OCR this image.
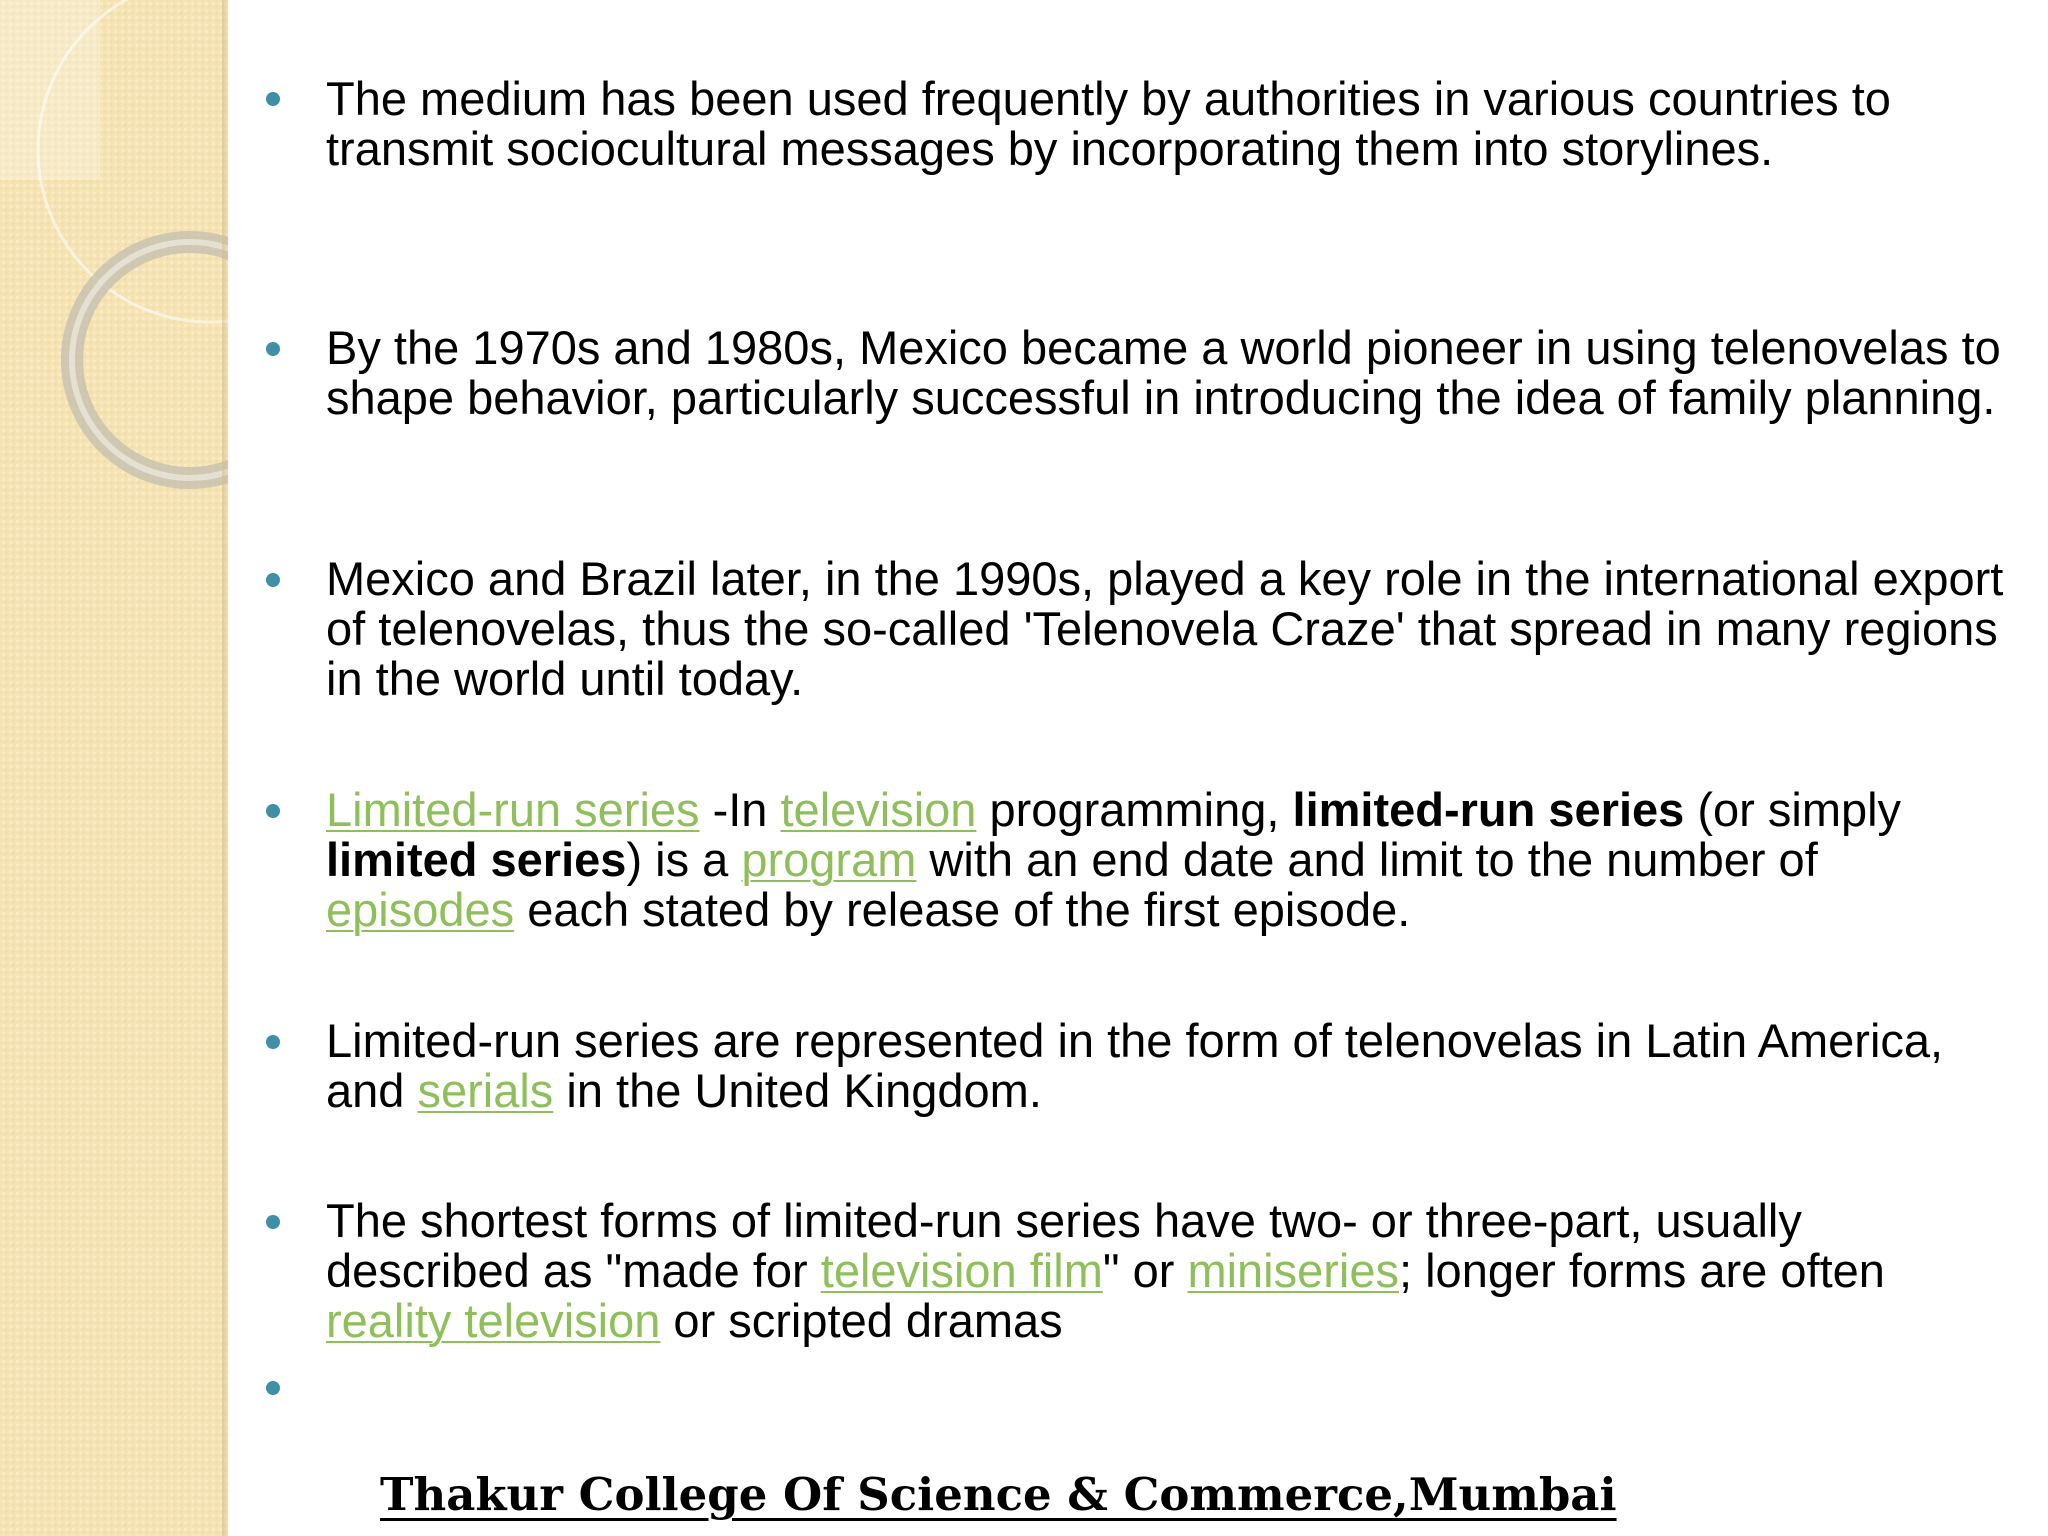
The medium has been used frequently by authorities in various countries to transmit sociocultural messages by incorporating them into storylines.
By the 1970s and 1980s, Mexico became a world pioneer in using telenovelas to shape behavior, particularly successful in introducing the idea of family planning.
Mexico and Brazil later, in the 1990s, played a key role in the international export of telenovelas, thus the so-called 'Telenovela Craze' that spread in many regions in the world until today.
Limited-run series -In television programming, limited-run series (or simply limited series) is a program with an end date and limit to the number of episodes each stated by release of the first episode.
Limited-run series are represented in the form of telenovelas in Latin America, and serials in the United Kingdom.
The shortest forms of limited-run series have two- or three-part, usually described as "made for television film" or miniseries; longer forms are often reality television or scripted dramas
Thakur College Of Science & Commerce,Mumbai
